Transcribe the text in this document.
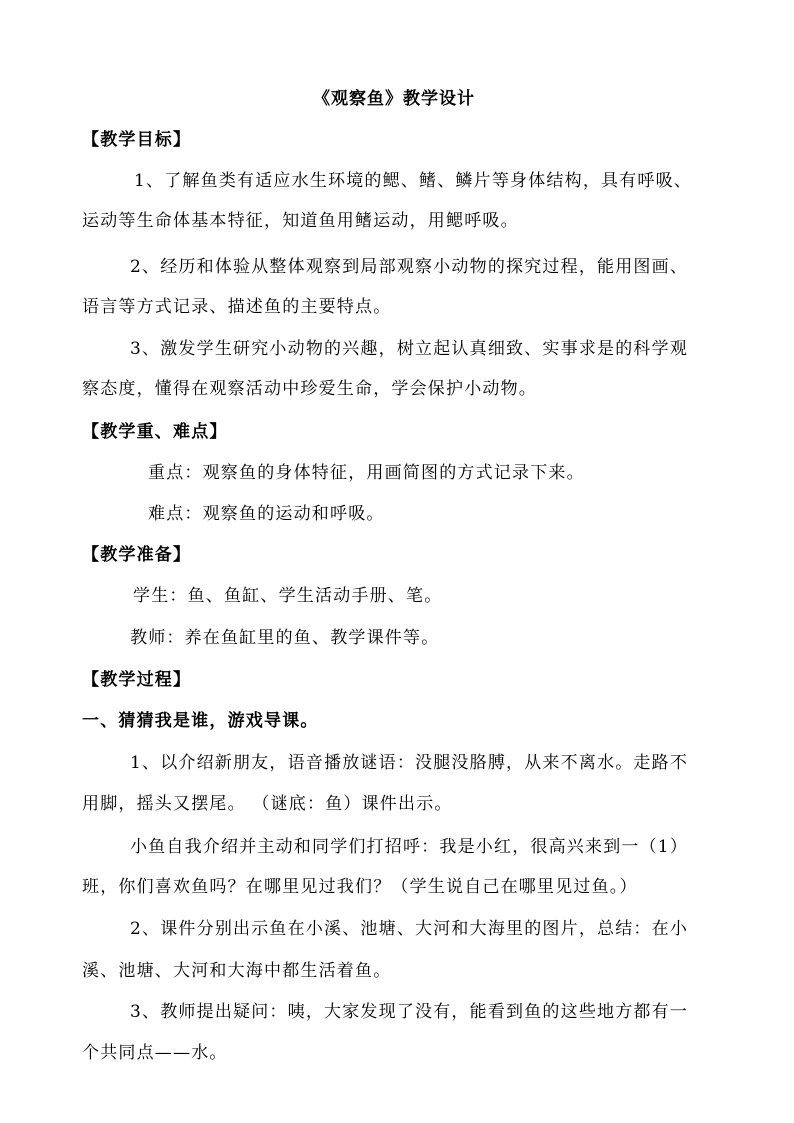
《观察鱼》教学设计
【教学目标】
1、了解鱼类有适应水生环境的鳃、鳍、鳞片等身体结构，具有呼吸、
运动等生命体基本特征，知道鱼用鳍运动，用鳃呼吸。
2、经历和体验从整体观察到局部观察小动物的探究过程，能用图画、
语言等方式记录、描述鱼的主要特点。
3、激发学生研究小动物的兴趣，树立起认真细致、实事求是的科学观
察态度，懂得在观察活动中珍爱生命，学会保护小动物。
【教学重、难点】
重点：观察鱼的身体特征，用画简图的方式记录下来。
难点：观察鱼的运动和呼吸。
【教学准备】
学生：鱼、鱼缸、学生活动手册、笔。
教师：养在鱼缸里的鱼、教学课件等。
【教学过程】
一、猜猜我是谁，游戏导课。
1、以介绍新朋友，语音播放谜语：没腿没胳膊，从来不离水。走路不
用脚，摇头又摆尾。 （谜底：鱼）课件出示。
小鱼自我介绍并主动和同学们打招呼：我是小红，很高兴来到一（1）
班，你们喜欢鱼吗？在哪里见过我们？（学生说自己在哪里见过鱼。）
2、课件分别出示鱼在小溪、池塘、大河和大海里的图片，总结：在小
溪、池塘、大河和大海中都生活着鱼。
3、教师提出疑问：咦，大家发现了没有，能看到鱼的这些地方都有一
个共同点——水。
